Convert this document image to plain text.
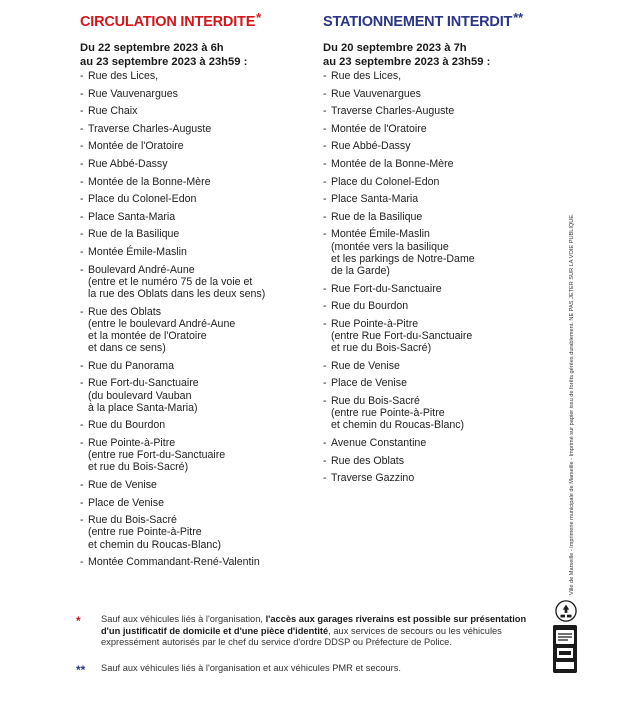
CIRCULATION INTERDITE*
Du 22 septembre 2023 à 6h
au 23 septembre 2023 à 23h59 :
- Rue des Lices,
- Rue Vauvenargues
- Rue Chaix
- Traverse Charles-Auguste
- Montée de l'Oratoire
- Rue Abbé-Dassy
- Montée de la Bonne-Mère
- Place du Colonel-Edon
- Place Santa-Maria
- Rue de la Basilique
- Montée Émile-Maslin
- Boulevard André-Aune
(entre et le numéro 75 de la voie et
la rue des Oblats dans les deux sens)
- Rue des Oblats
(entre le boulevard André-Aune
et la montée de l'Oratoire
et dans ce sens)
- Rue du Panorama
- Rue Fort-du-Sanctuaire
(du boulevard Vauban
à la place Santa-Maria)
- Rue du Bourdon
- Rue Pointe-à-Pitre
(entre rue Fort-du-Sanctuaire
et rue du Bois-Sacré)
- Rue de Venise
- Place de Venise
- Rue du Bois-Sacré
(entre rue Pointe-à-Pitre
et chemin du Roucas-Blanc)
- Montée Commandant-René-Valentin
STATIONNEMENT INTERDIT**
Du 20 septembre 2023 à 7h
au 23 septembre 2023 à 23h59 :
- Rue des Lices,
- Rue Vauvenargues
- Traverse Charles-Auguste
- Montée de l'Oratoire
- Rue Abbé-Dassy
- Montée de la Bonne-Mère
- Place du Colonel-Edon
- Place Santa-Maria
- Rue de la Basilique
- Montée Émile-Maslin
(montée vers la basilique
et les parkings de Notre-Dame
de la Garde)
- Rue Fort-du-Sanctuaire
- Rue du Bourdon
- Rue Pointe-à-Pitre
(entre Rue Fort-du-Sanctuaire
et rue du Bois-Sacré)
- Rue de Venise
- Place de Venise
- Rue du Bois-Sacré
(entre rue Pointe-à-Pitre
et chemin du Roucas-Blanc)
- Avenue Constantine
- Rue des Oblats
- Traverse Gazzino	Ville de Marseille - Imprimerie municipale de Marseille - Imprimé sur papier issu de forêts gérées durablement. NE PAS JETER SUR LA VOIE PUBLIQUE.
* Sauf aux véhicules liés à l'organisation, l'accès aux garages riverains est possible sur présentation d'un justificatif de domicile et d'une pièce d'identité, aux services de secours ou les véhicules expressément autorisés par le chef du service d'ordre DDSP ou Préfecture de Police.
** Sauf aux véhicules liés à l'organisation et aux véhicules PMR et secours.
